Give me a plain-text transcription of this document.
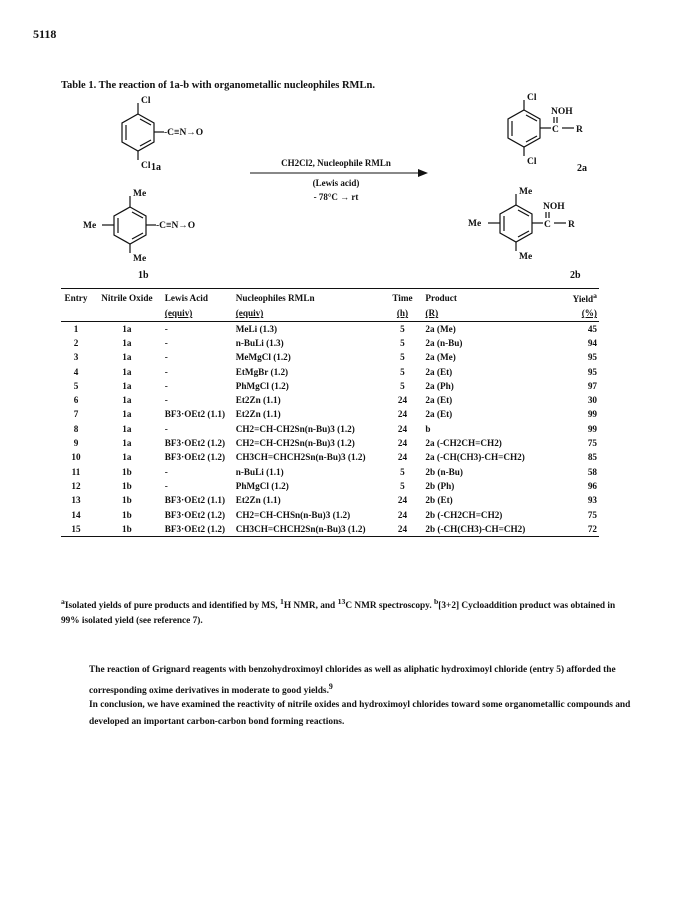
5118
Table 1. The reaction of 1a-b with organometallic nucleophiles RMLn.
Cl
Cl
-C≡N→O
Me
Me
Me
-C≡N→O
Cl
Cl
NOH
C R
Me
Me
Me
NOH
C R
1a
1b
2a
2b
CH2Cl2, Nucleophile RMLn
(Lewis acid)
- 78°C → rt
Entry	Nitrile Oxide	Lewis Acid	Nucleophiles RMLn	Time	Product	Yield$^a$
		(equiv)	(equiv)	(h)	(R)	(%)
1	1a	-	MeLi (1.3)	5	2a (Me)	45
2	1a	-	n-BuLi (1.3)	5	2a (n-Bu)	94
3	1a	-	MeMgCl (1.2)	5	2a (Me)	95
4	1a	-	EtMgBr (1.2)	5	2a (Et)	95
5	1a	-	PhMgCl (1.2)	5	2a (Ph)	97
6	1a	-	Et2Zn (1.1)	24	2a (Et)	30
7	1a	BF3·OEt2 (1.1)	Et2Zn (1.1)	24	2a (Et)	99
8	1a	-	CH2=CH-CH2Sn(n-Bu)3 (1.2)	24	b	99
9	1a	BF3·OEt2 (1.2)	CH2=CH-CH2Sn(n-Bu)3 (1.2)	24	2a (-CH2CH=CH2)	75
10	1a	BF3·OEt2 (1.2)	CH3CH=CHCH2Sn(n-Bu)3 (1.2)	24	2a (-CH(CH3)-CH=CH2)	85
11	1b	-	n-BuLi (1.1)	5	2b (n-Bu)	58
12	1b	-	PhMgCl (1.2)	5	2b (Ph)	96
13	1b	BF3·OEt2 (1.1)	Et2Zn (1.1)	24	2b (Et)	93
14	1b	BF3·OEt2 (1.2)	CH2=CH-CHSn(n-Bu)3 (1.2)	24	2b (-CH2CH=CH2)	75
15	1b	BF3·OEt2 (1.2)	CH3CH=CHCH2Sn(n-Bu)3 (1.2)	24	2b (-CH(CH3)-CH=CH2)	72
$^a$Isolated yields of pure products and identified by MS, $^1$H NMR, and $^{13}$C NMR spectroscopy. $^b$[3+2] Cycloaddition product was obtained in 99% isolated yield (see reference 7).
The reaction of Grignard reagents with benzohydroximoyl chlorides as well as aliphatic hydroximoyl chloride (entry 5) afforded the corresponding oxime derivatives in moderate to good yields.$^9$
In conclusion, we have examined the reactivity of nitrile oxides and hydroximoyl chlorides toward some organometallic compounds and developed an important carbon-carbon bond forming reactions.
